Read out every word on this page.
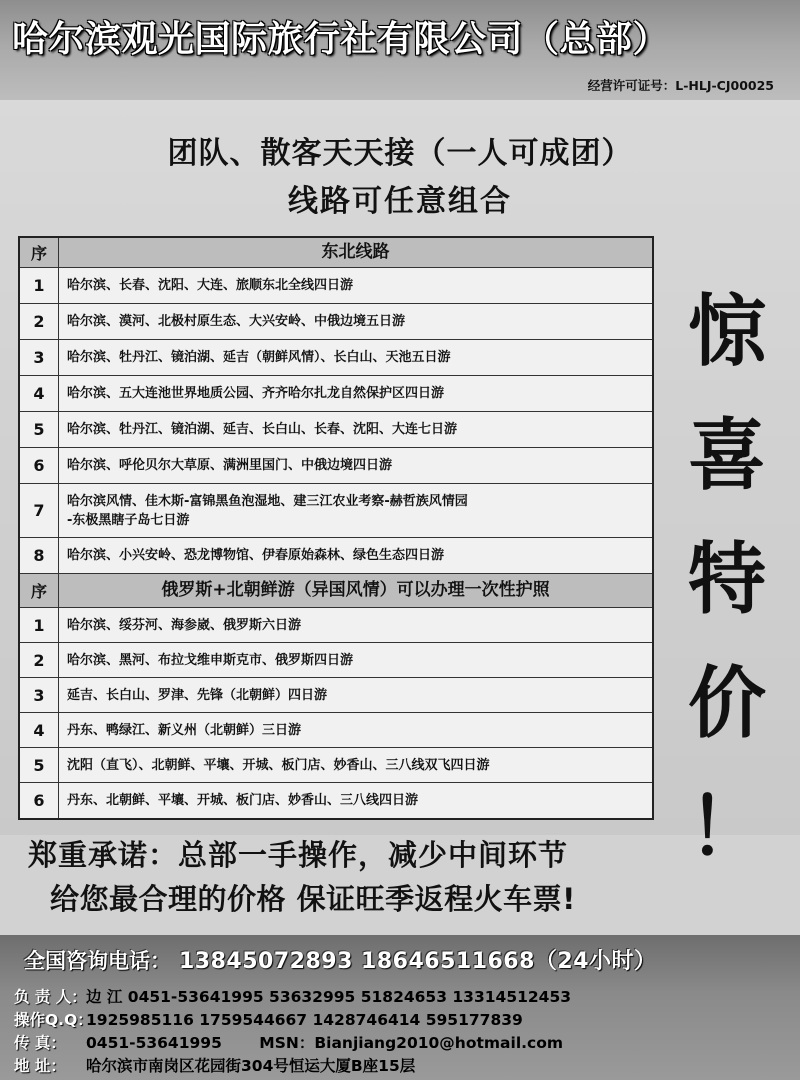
哈尔滨观光国际旅行社有限公司（总部）
经营许可证号：L-HLJ-CJ00025
团队、散客天天接（一人可成团）
线路可任意组合
序	东北线路
1	哈尔滨、长春、沈阳、大连、旅顺东北全线四日游
2	哈尔滨、漠河、北极村原生态、大兴安岭、中俄边境五日游
3	哈尔滨、牡丹江、镜泊湖、延吉（朝鲜风情）、长白山、天池五日游
4	哈尔滨、五大连池世界地质公园、齐齐哈尔扎龙自然保护区四日游
5	哈尔滨、牡丹江、镜泊湖、延吉、长白山、长春、沈阳、大连七日游
6	哈尔滨、呼伦贝尔大草原、满洲里国门、中俄边境四日游
7	哈尔滨风情、佳木斯-富锦黑鱼泡湿地、建三江农业考察-赫哲族风情园
-东极黑瞎子岛七日游
8	哈尔滨、小兴安岭、恐龙博物馆、伊春原始森林、绿色生态四日游
序	俄罗斯+北朝鲜游（异国风情）可以办理一次性护照
1	哈尔滨、绥芬河、海参崴、俄罗斯六日游
2	哈尔滨、黑河、布拉戈维申斯克市、俄罗斯四日游
3	延吉、长白山、罗津、先锋（北朝鲜）四日游
4	丹东、鸭绿江、新义州（北朝鲜）三日游
5	沈阳（直飞）、北朝鲜、平壤、开城、板门店、妙香山、三八线双飞四日游
6	丹东、北朝鲜、平壤、开城、板门店、妙香山、三八线四日游
惊
喜
特
价
！
郑重承诺：总部一手操作，减少中间环节
给您最合理的价格 保证旺季返程火车票!
全国咨询电话： 13845072893 18646511668（24小时）
负 责 人：边 江 0451-53641995 53632995 51824653 13314512453
操作Q.Q：1925985116 1759544667 1428746414 595177839
传 真： 0451-53641995 MSN：Bianjiang2010@hotmail.com
地 址： 哈尔滨市南岗区花园街304号恒运大厦B座15层
